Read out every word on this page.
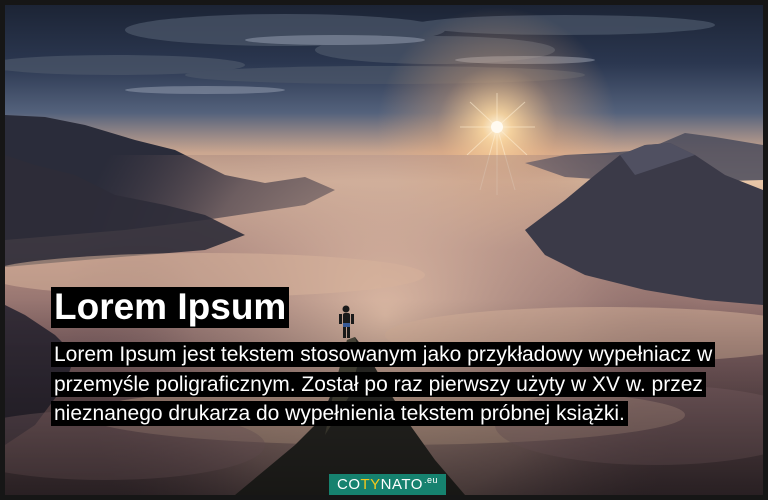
Lorem Ipsum

Lorem Ipsum jest tekstem stosowanym jako przykładowy wypełniacz w przemyśle poligraficznym. Został po raz pierwszy użyty w XV w. przez nieznanego drukarza do wypełnienia tekstem próbnej książki.

$COTYNATO^{.eu}$
